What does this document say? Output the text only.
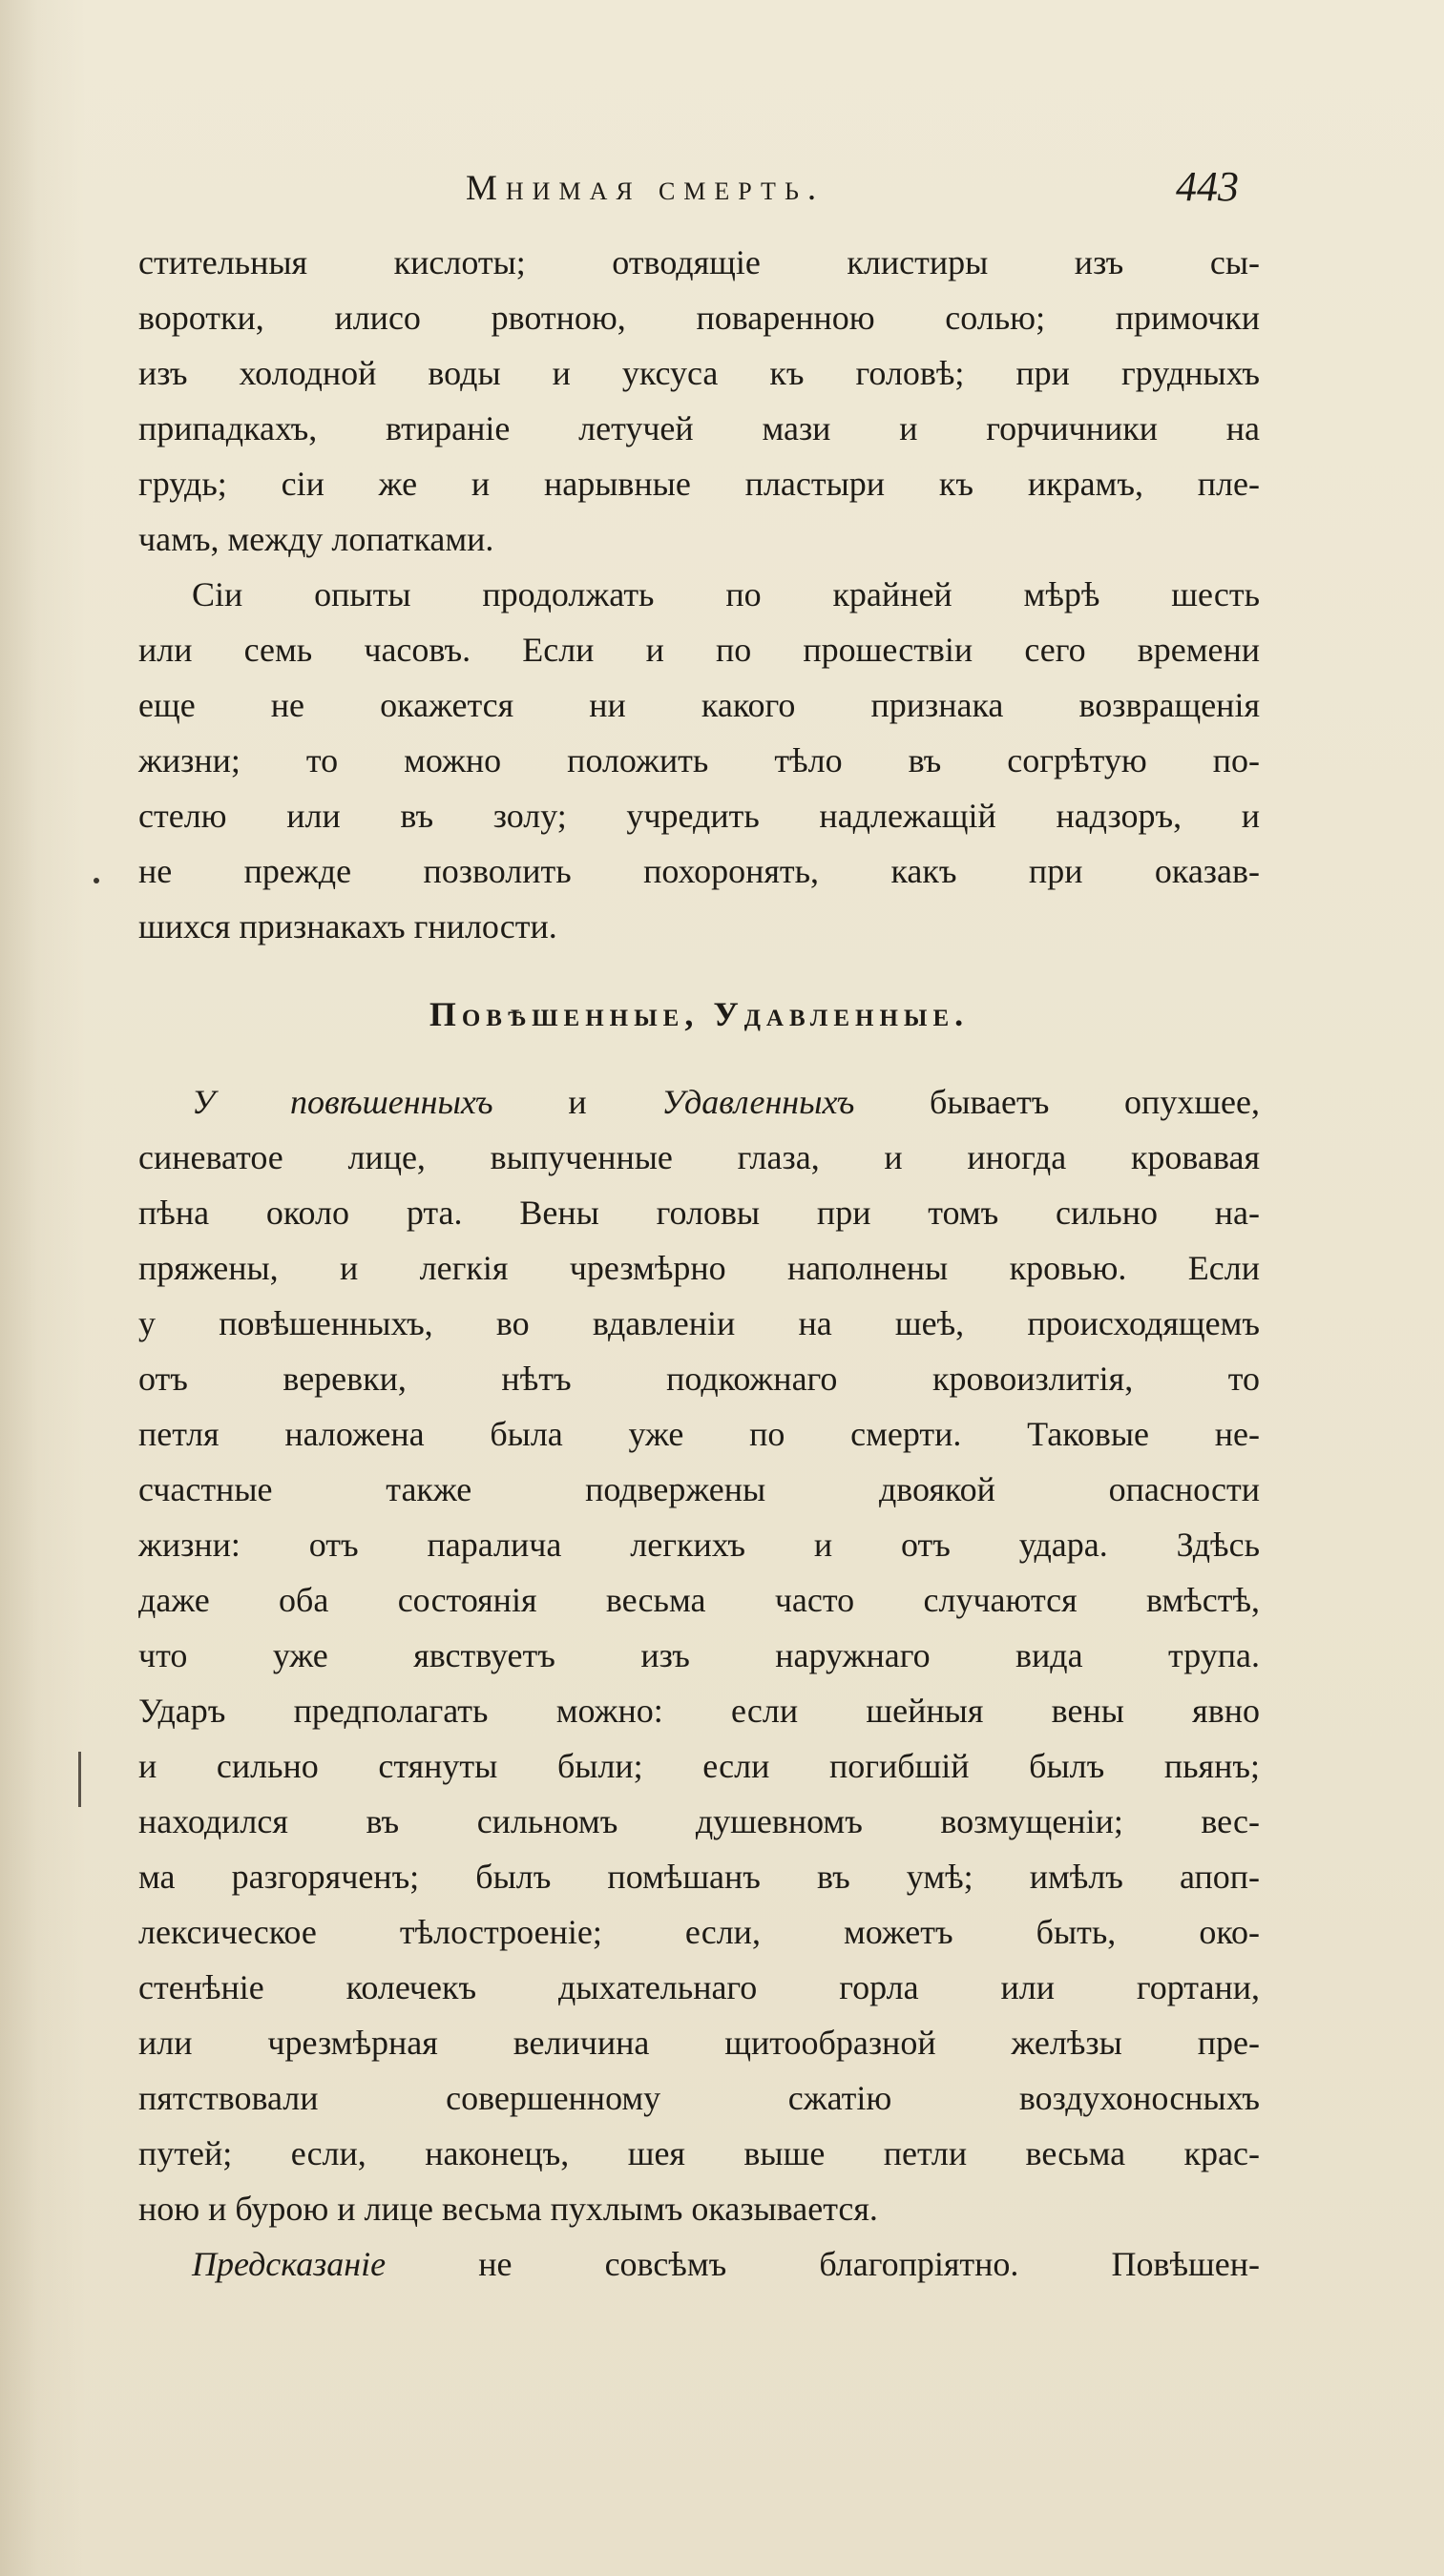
Мнимая смерть.	443
стительныя кислоты; отводящіе клистиры изъ сы-
воротки, илисо рвотною, поваренною солью; примочки
изъ холодной воды и уксуса къ головѣ; при грудныхъ
припадкахъ, втираніе летучей мази и горчичники на
грудь; сіи же и нарывные пластыри къ икрамъ, пле-
чамъ, между лопатками.
Сіи опыты продолжать по крайней мѣрѣ шесть
или семь часовъ. Если и по прошествіи сего времени
еще не окажется ни какого признака возвращенія
жизни; то можно положить тѣло въ согрѣтую по-
стелю или въ золу; учредить надлежащій надзоръ, и
не прежде позволить похоронять, какъ при оказав-
шихся признакахъ гнилости.
Повѣшенные, Удавленные.
У повѣшенныхъ и Удавленныхъ бываетъ опухшее,
синеватое лице, выпученные глаза, и иногда кровавая
пѣна около рта. Вены головы при томъ сильно на-
пряжены, и легкія чрезмѣрно наполнены кровью. Если
у повѣшенныхъ, во вдавленіи на шеѣ, происходящемъ
отъ веревки, нѣтъ подкожнаго кровоизлитія, то
петля наложена была уже по смерти. Таковые не-
счастные также подвержены двоякой опасности
жизни: отъ паралича легкихъ и отъ удара. Здѣсь
даже оба состоянія весьма часто случаются вмѣстѣ,
что уже явствуетъ изъ наружнаго вида трупа.
Ударъ предполагать можно: если шейныя вены явно
и сильно стянуты были; если погибшій былъ пьянъ;
находился въ сильномъ душевномъ возмущеніи; вес-
ма разгоряченъ; былъ помѣшанъ въ умѣ; имѣлъ апоп-
лексическое тѣлостроеніе; если, можетъ быть, око-
стенѣніе колечекъ дыхательнаго горла или гортани,
или чрезмѣрная величина щитообразной желѣзы пре-
пятствовали совершенному сжатію воздухоносныхъ
путей; если, наконецъ, шея выше петли весьма крас-
ною и бурою и лице весьма пухлымъ оказывается.
Предсказаніе	не совсѣмъ благопріятно. Повѣшен-
